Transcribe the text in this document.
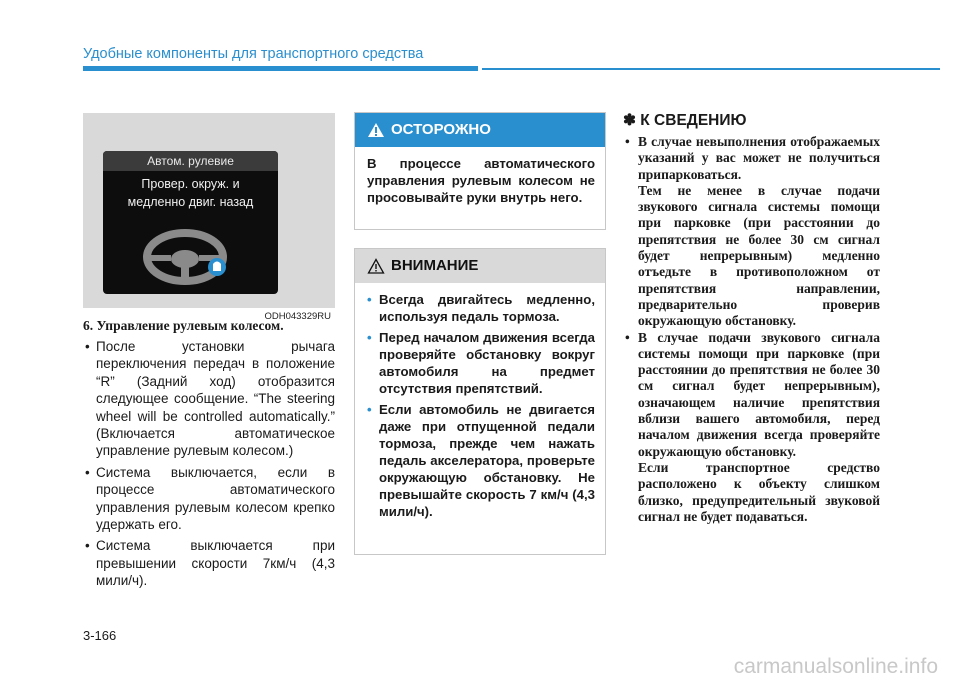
Удобные компоненты для транспортного средства
Автом. рулевие
Провер. окруж. и
медленно двиг. назад
ODH043329RU
6. Управление рулевым колесом.
• После установки рычага переключения передач в положение “R” (Задний ход) отобразится следующее сообщение. “The steering wheel will be controlled automatically.” (Включается автоматическое управление рулевым колесом.)
• Система выключается, если в процессе автоматического управления рулевым колесом крепко удержать его.
• Система выключается при превышении скорости 7км/ч (4,3 мили/ч).
ОСТОРОЖНО
В процессе автоматического управления рулевым колесом не просовывайте руки внутрь него.
ВНИМАНИЕ
• Всегда двигайтесь медленно, используя педаль тормоза.
• Перед началом движения всегда проверяйте обстановку вокруг автомобиля на предмет отсутствия препятствий.
• Если автомобиль не двигается даже при отпущенной педали тормоза, прежде чем нажать педаль акселератора, проверьте окружающую обстановку. Не превышайте скорость 7 км/ч (4,3 мили/ч).
✽ К СВЕДЕНИЮ

• В случае невыполнения отображаемых указаний у вас может не получиться припарковаться.

Тем не менее в случае подачи звукового сигнала системы помощи при парковке (при расстоянии до препятствия не более 30 см сигнал будет непрерывным) медленно отъедьте в противоположном от препятствия направлении, предварительно проверив окружающую обстановку.

• В случае подачи звукового сигнала системы помощи при парковке (при расстоянии до препятствия не более 30 см сигнал будет непрерывным), означающем наличие препятствия вблизи вашего автомобиля, перед началом движения всегда проверяйте окружающую обстановку.

Если транспортное средство расположено к объекту слишком близко, предупредительный звуковой сигнал не будет подаваться.

3-166
carmanualsonline.info
